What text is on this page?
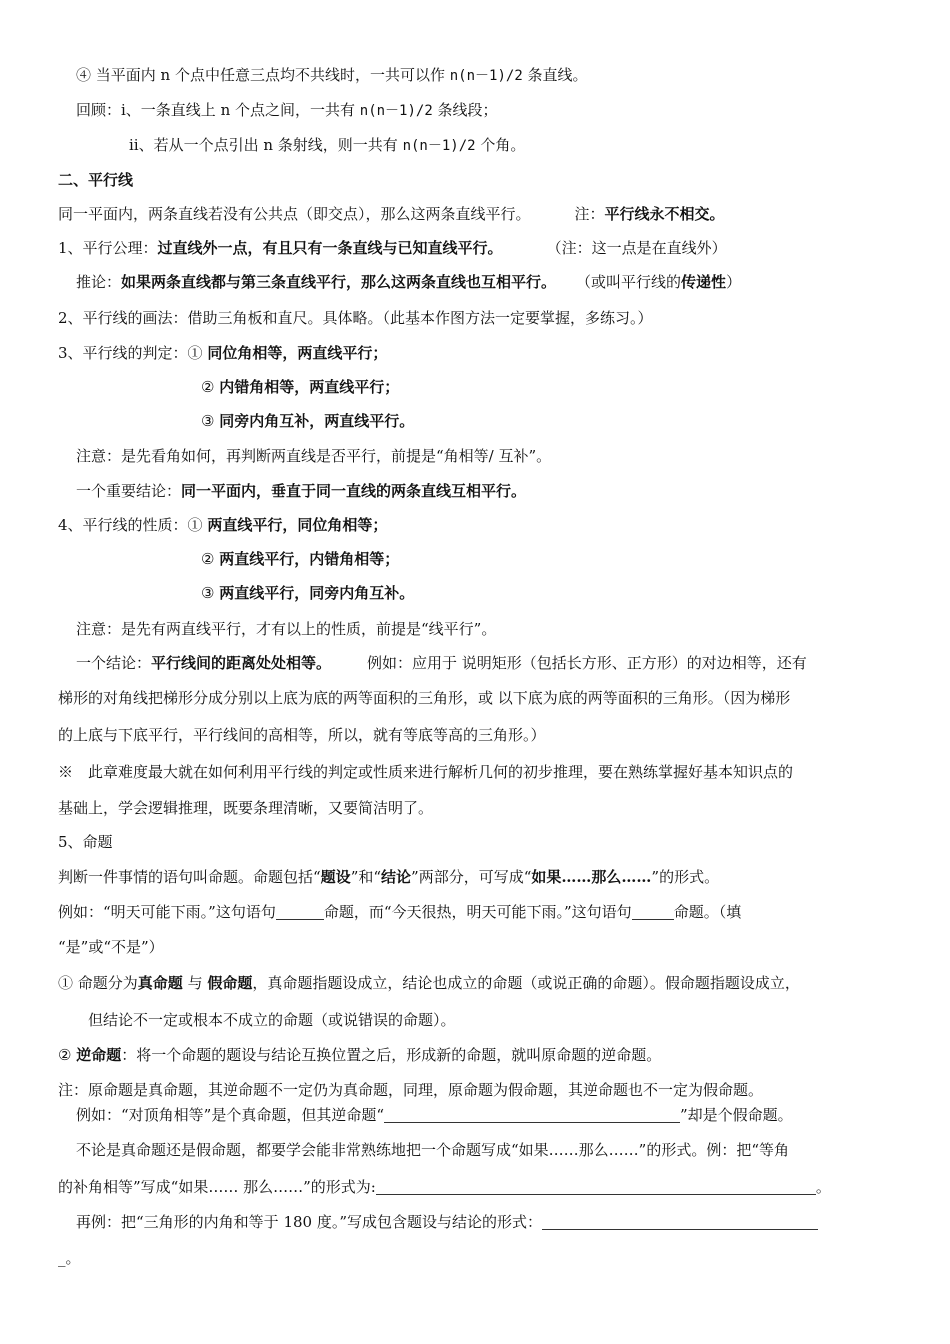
④ 当平面内 n 个点中任意三点均不共线时，一共可以作 n(n－1)/2 条直线。
回顾：ⅰ、一条直线上 n 个点之间，一共有 n(n－1)/2 条线段；
ⅱ、若从一个点引出 n 条射线，则一共有 n(n－1)/2 个角。
二、平行线
同一平面内，两条直线若没有公共点（即交点），那么这两条直线平行。	注：平行线永不相交。
1、平行公理：过直线外一点，有且只有一条直线与已知直线平行。	（注：这一点是在直线外）
推论：如果两条直线都与第三条直线平行，那么这两条直线也互相平行。 （或叫平行线的传递性）
2、平行线的画法：借助三角板和直尺。具体略。（此基本作图方法一定要掌握，多练习。）
3、平行线的判定：① 同位角相等，两直线平行；
② 内错角相等，两直线平行；
③ 同旁内角互补，两直线平行。
注意：是先看角如何，再判断两直线是否平行，前提是“角相等/ 互补”。
一个重要结论：同一平面内，垂直于同一直线的两条直线互相平行。
4、平行线的性质：① 两直线平行，同位角相等；
② 两直线平行，内错角相等；
③ 两直线平行，同旁内角互补。
注意：是先有两直线平行，才有以上的性质，前提是“线平行”。
一个结论：平行线间的距离处处相等。 例如：应用于 说明矩形（包括长方形、正方形）的对边相等，还有
梯形的对角线把梯形分成分别以上底为底的两等面积的三角形，或 以下底为底的两等面积的三角形。（因为梯形
的上底与下底平行，平行线间的高相等，所以，就有等底等高的三角形。）
※　此章难度最大就在如何利用平行线的判定或性质来进行解析几何的初步推理，要在熟练掌握好基本知识点的
基础上，学会逻辑推理，既要条理清晰，又要简洁明了。
5、命题
判断一件事情的语句叫命题。命题包括“题设”和“结论”两部分，可写成“如果……那么……”的形式。
例如：“明天可能下雨。”这句语句	命题，而“今天很热，明天可能下雨。”这句语句	命题。（填
“是”或“不是”）
① 命题分为真命题 与 假命题，真命题指题设成立，结论也成立的命题（或说正确的命题）。假命题指题设成立，
但结论不一定或根本不成立的命题（或说错误的命题）。
② 逆命题：将一个命题的题设与结论互换位置之后，形成新的命题，就叫原命题的逆命题。
注：原命题是真命题，其逆命题不一定仍为真命题，同理，原命题为假命题，其逆命题也不一定为假命题。
例如：“对顶角相等”是个真命题，但其逆命题“	”却是个假命题。
不论是真命题还是假命题，都要学会能非常熟练地把一个命题写成“如果……那么……”的形式。例：把“等角
的补角相等”写成“如果…… 那么……”的形式为:	。
再例：把“三角形的内角和等于 180 度。”写成包含题设与结论的形式：
_。
